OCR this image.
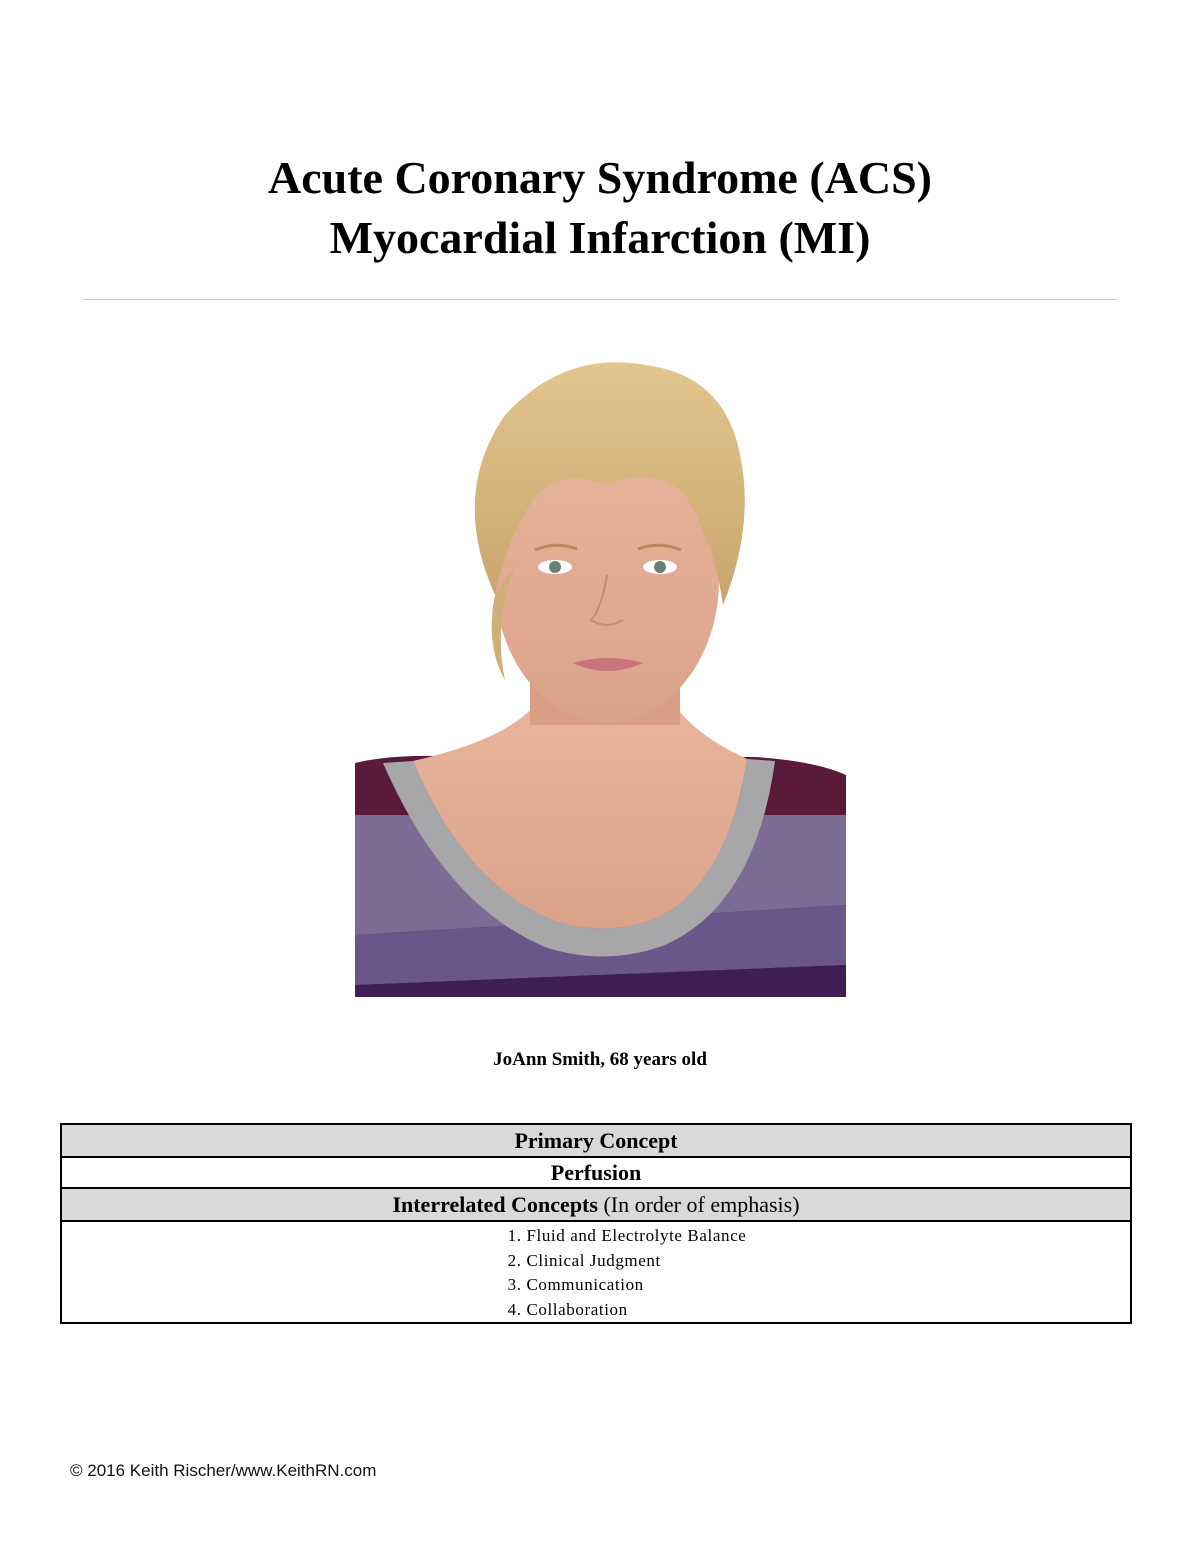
Acute Coronary Syndrome (ACS)
Myocardial Infarction (MI)
JoAnn Smith, 68 years old
Primary Concept
Perfusion
Interrelated Concepts (In order of emphasis)

1. Fluid and Electrolyte Balance
2. Clinical Judgment
3. Communication
4. Collaboration
© 2016 Keith Rischer/www.KeithRN.com
